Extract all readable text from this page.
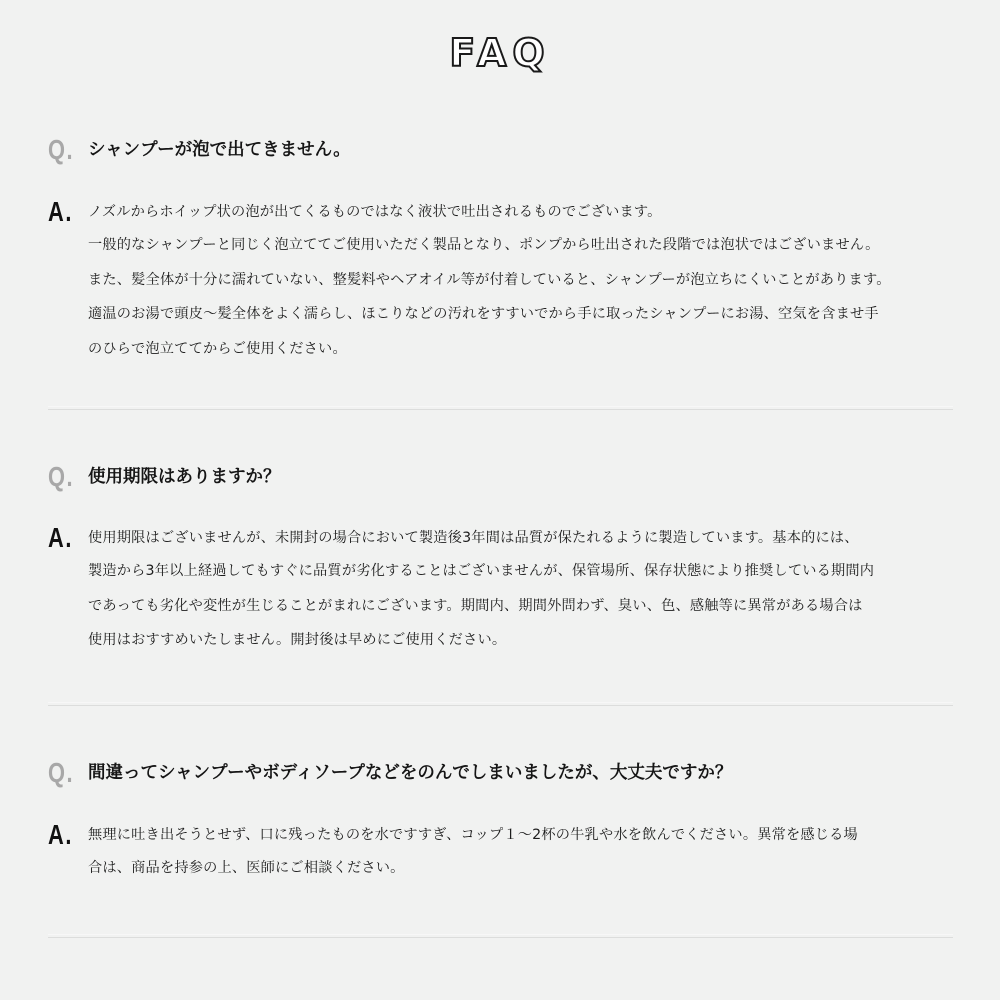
FAQ
Q. シャンプーが泡で出てきません。
A.	ノズルからホイップ状の泡が出てくるものではなく液状で吐出されるものでございます。
一般的なシャンプーと同じく泡立ててご使用いただく製品となり、ポンプから吐出された段階では泡状ではございません。
また、髪全体が十分に濡れていない、整髪料やヘアオイル等が付着していると、シャンプーが泡立ちにくいことがあります。
適温のお湯で頭皮〜髪全体をよく濡らし、ほこりなどの汚れをすすいでから手に取ったシャンプーにお湯、空気を含ませ手
のひらで泡立ててからご使用ください。
Q. 使用期限はありますか？
A.	使用期限はございませんが、未開封の場合において製造後3年間は品質が保たれるように製造しています。基本的には、
製造から3年以上経過してもすぐに品質が劣化することはございませんが、保管場所、保存状態により推奨している期間内
であっても劣化や変性が生じることがまれにございます。期間内、期間外問わず、臭い、色、感触等に異常がある場合は
使用はおすすめいたしません。開封後は早めにご使用ください。
Q. 間違ってシャンプーやボディソープなどをのんでしまいましたが、大丈夫ですか？
A.	無理に吐き出そうとせず、口に残ったものを水ですすぎ、コップ１〜2杯の牛乳や水を飲んでください。異常を感じる場
合は、商品を持参の上、医師にご相談ください。
